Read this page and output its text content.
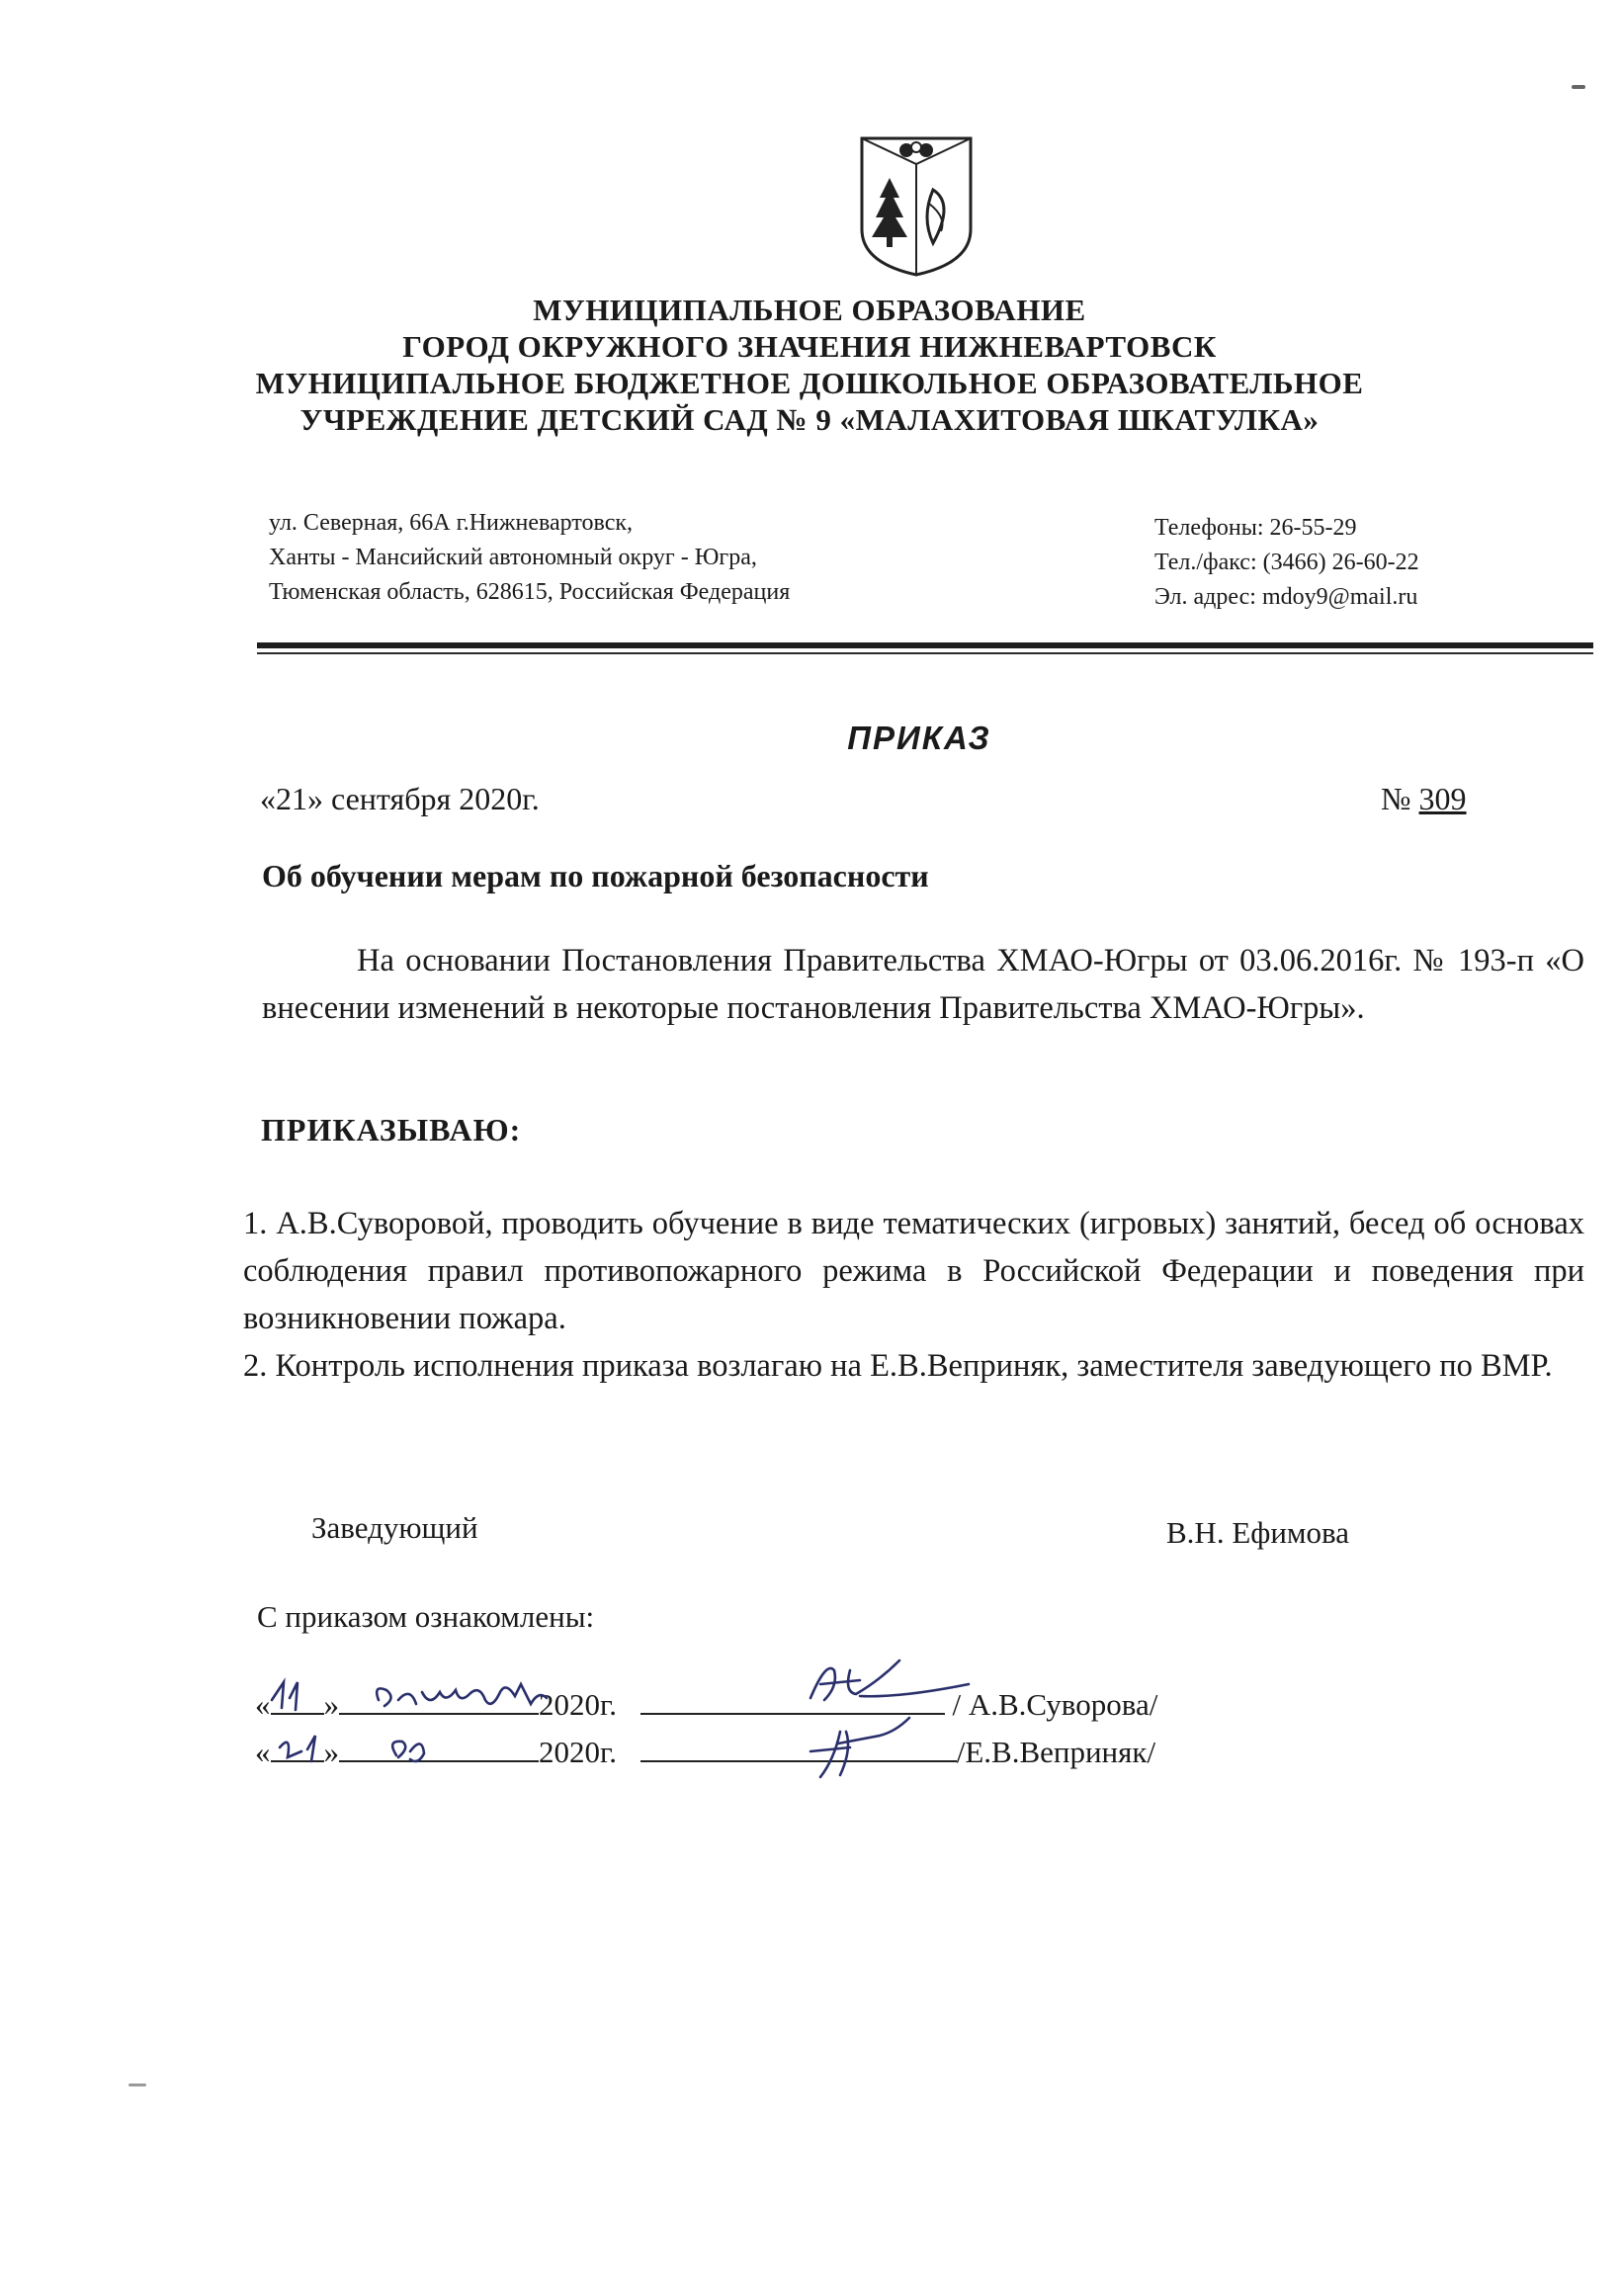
МУНИЦИПАЛЬНОЕ ОБРАЗОВАНИЕ
ГОРОД ОКРУЖНОГО ЗНАЧЕНИЯ НИЖНЕВАРТОВСК
МУНИЦИПАЛЬНОЕ БЮДЖЕТНОЕ ДОШКОЛЬНОЕ ОБРАЗОВАТЕЛЬНОЕ
УЧРЕЖДЕНИЕ ДЕТСКИЙ САД № 9 «МАЛАХИТОВАЯ ШКАТУЛКА»
ул. Северная, 66А г.Нижневартовск,
Ханты - Мансийский автономный округ - Югра,
Тюменская область, 628615, Российская Федерация
Телефоны: 26-55-29
Тел./факс: (3466) 26-60-22
Эл. адрес: mdoy9@mail.ru
ПРИКАЗ
«21» сентября 2020г.	№ 309
Об обучении мерам по пожарной безопасности
На основании Постановления Правительства ХМАО-Югры от 03.06.2016г. № 193-п «О внесении изменений в некоторые постановления Правительства ХМАО-Югры».
ПРИКАЗЫВАЮ:

1. А.В.Суворовой, проводить обучение в виде тематических (игровых) занятий, бесед об основах соблюдения правил противопожарного режима в Российской Федерации и поведения при возникновении пожара.

2. Контроль исполнения приказа возлагаю на Е.В.Веприняк, заместителя заведующего по ВМР.

Заведующий	В.Н. Ефимова
С приказом ознакомлены:
« »	2020г.	/ А.В.Суворова/
« »	2020г.	/Е.В.Веприняк/
